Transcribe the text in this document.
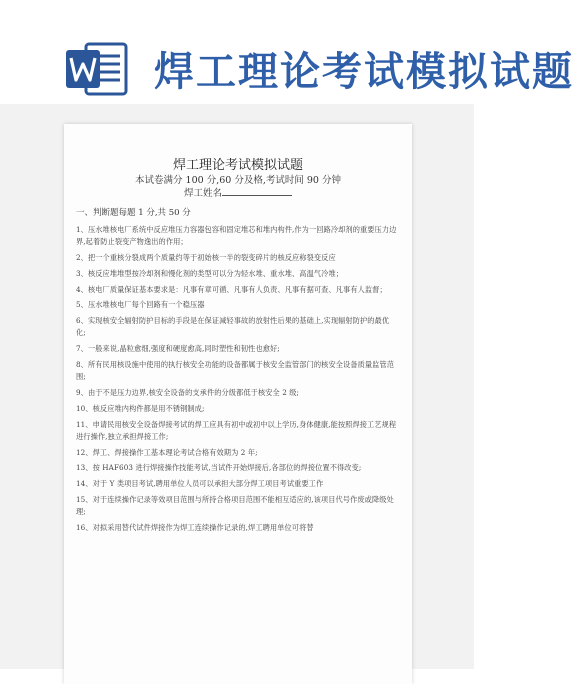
焊工理论考试模拟试题
焊工理论考试模拟试题
本试卷满分 100 分,60 分及格,考试时间 90 分钟
焊工姓名
一、判断题每题 1 分,共 50 分
1、压水堆核电厂系统中反应堆压力容器包容和固定堆芯和堆内构件,作为一回路冷却剂的重要压力边界,起着防止裂变产物逸出的作用；
2、把一个重核分裂成两个质量约等于初始核一半的裂变碎片的核反应称裂变反应
3、核反应堆堆型按冷却剂和慢化剂的类型可以分为轻水堆、重水堆、高温气冷堆；
4、核电厂质量保证基本要求是：凡事有章可循、凡事有人负责、凡事有据可查、凡事有人监督；
5、压水堆核电厂每个回路有一个稳压器
6、实现核安全辐射防护目标的手段是在保证减轻事故的放射性后果的基础上,实现辐射防护的最优化;
7、一般来说,晶粒愈细,强度和硬度愈高,同时塑性和韧性也愈好;
8、所有民用核设施中使用的执行核安全功能的设备都属于核安全监管部门的核安全设备质量监管范围;
9、由于不是压力边界,核安全设备的支承件的分级都低于核安全 2 级;
10、核反应堆内构件都是用不锈钢制成;
11、申请民用核安全设备焊接考试的焊工应具有初中或初中以上学历,身体健康,能按照焊接工艺规程进行操作,独立承担焊接工作;
12、焊工、焊接操作工基本理论考试合格有效期为 2 年;
13、按 HAF603 进行焊接操作技能考试,当试件开始焊接后,各部位的焊接位置不得改变;
14、对于 Y 类项目考试,聘用单位人员可以承担大部分焊工项目考试重要工作
15、对于连续操作记录等效项目范围与所持合格项目范围不能相互适应的,该项目代号作废或降级处理;
16、对拟采用替代试件焊接作为焊工连续操作记录的,焊工聘用单位可将替
